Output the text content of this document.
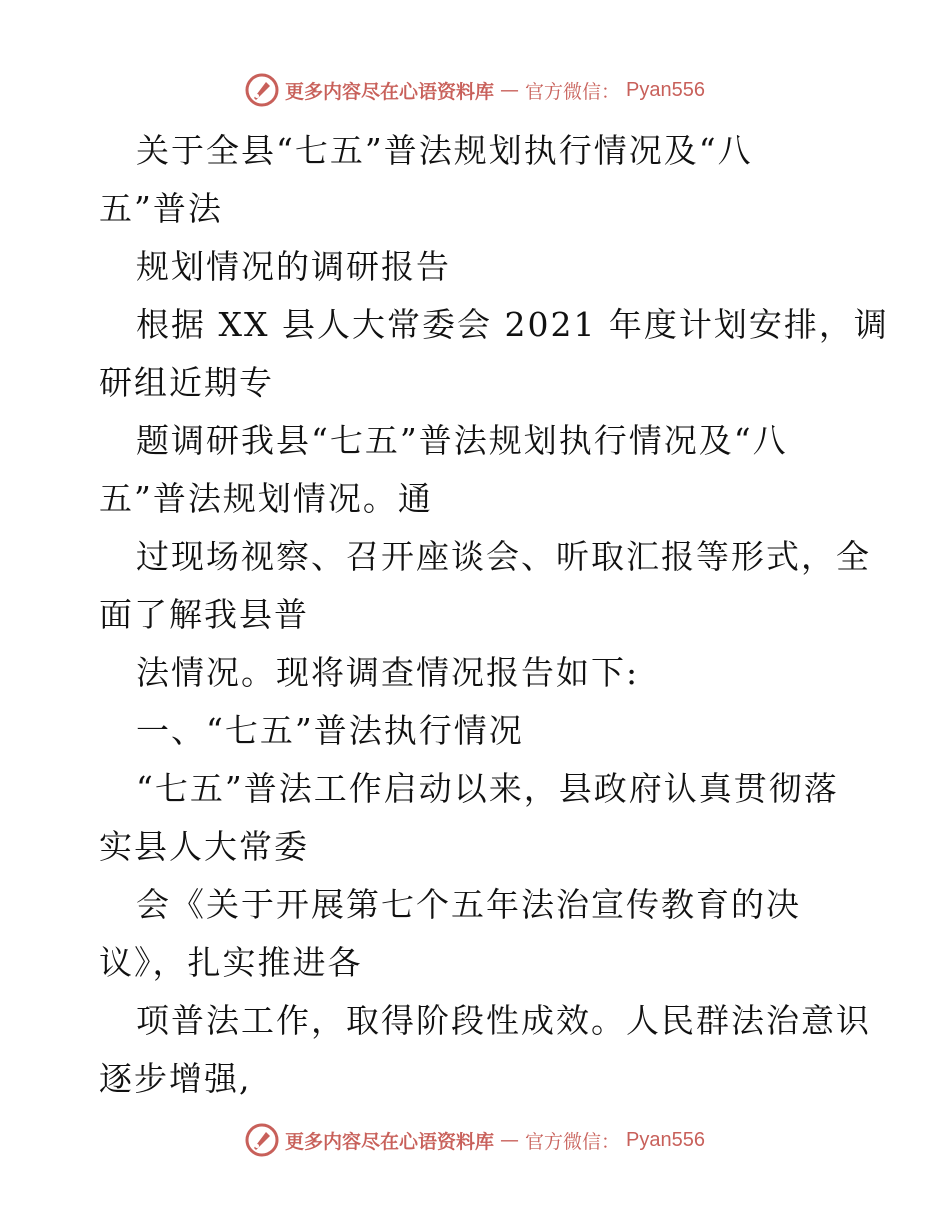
更多内容尽在心语资料库 — 官方微信： Pyan556
关于全县“七五”普法规划执行情况及“八
五”普法
规划情况的调研报告
根据 XX 县人大常委会 2021 年度计划安排，调
研组近期专
题调研我县“七五”普法规划执行情况及“八
五”普法规划情况。通
过现场视察、召开座谈会、听取汇报等形式，全
面了解我县普
法情况。现将调查情况报告如下:
一、“七五”普法执行情况
“七五”普法工作启动以来，县政府认真贯彻落
实县人大常委
会《关于开展第七个五年法治宣传教育的决
议》，扎实推进各
项普法工作，取得阶段性成效。人民群法治意识
逐步增强,
更多内容尽在心语资料库 — 官方微信： Pyan556
